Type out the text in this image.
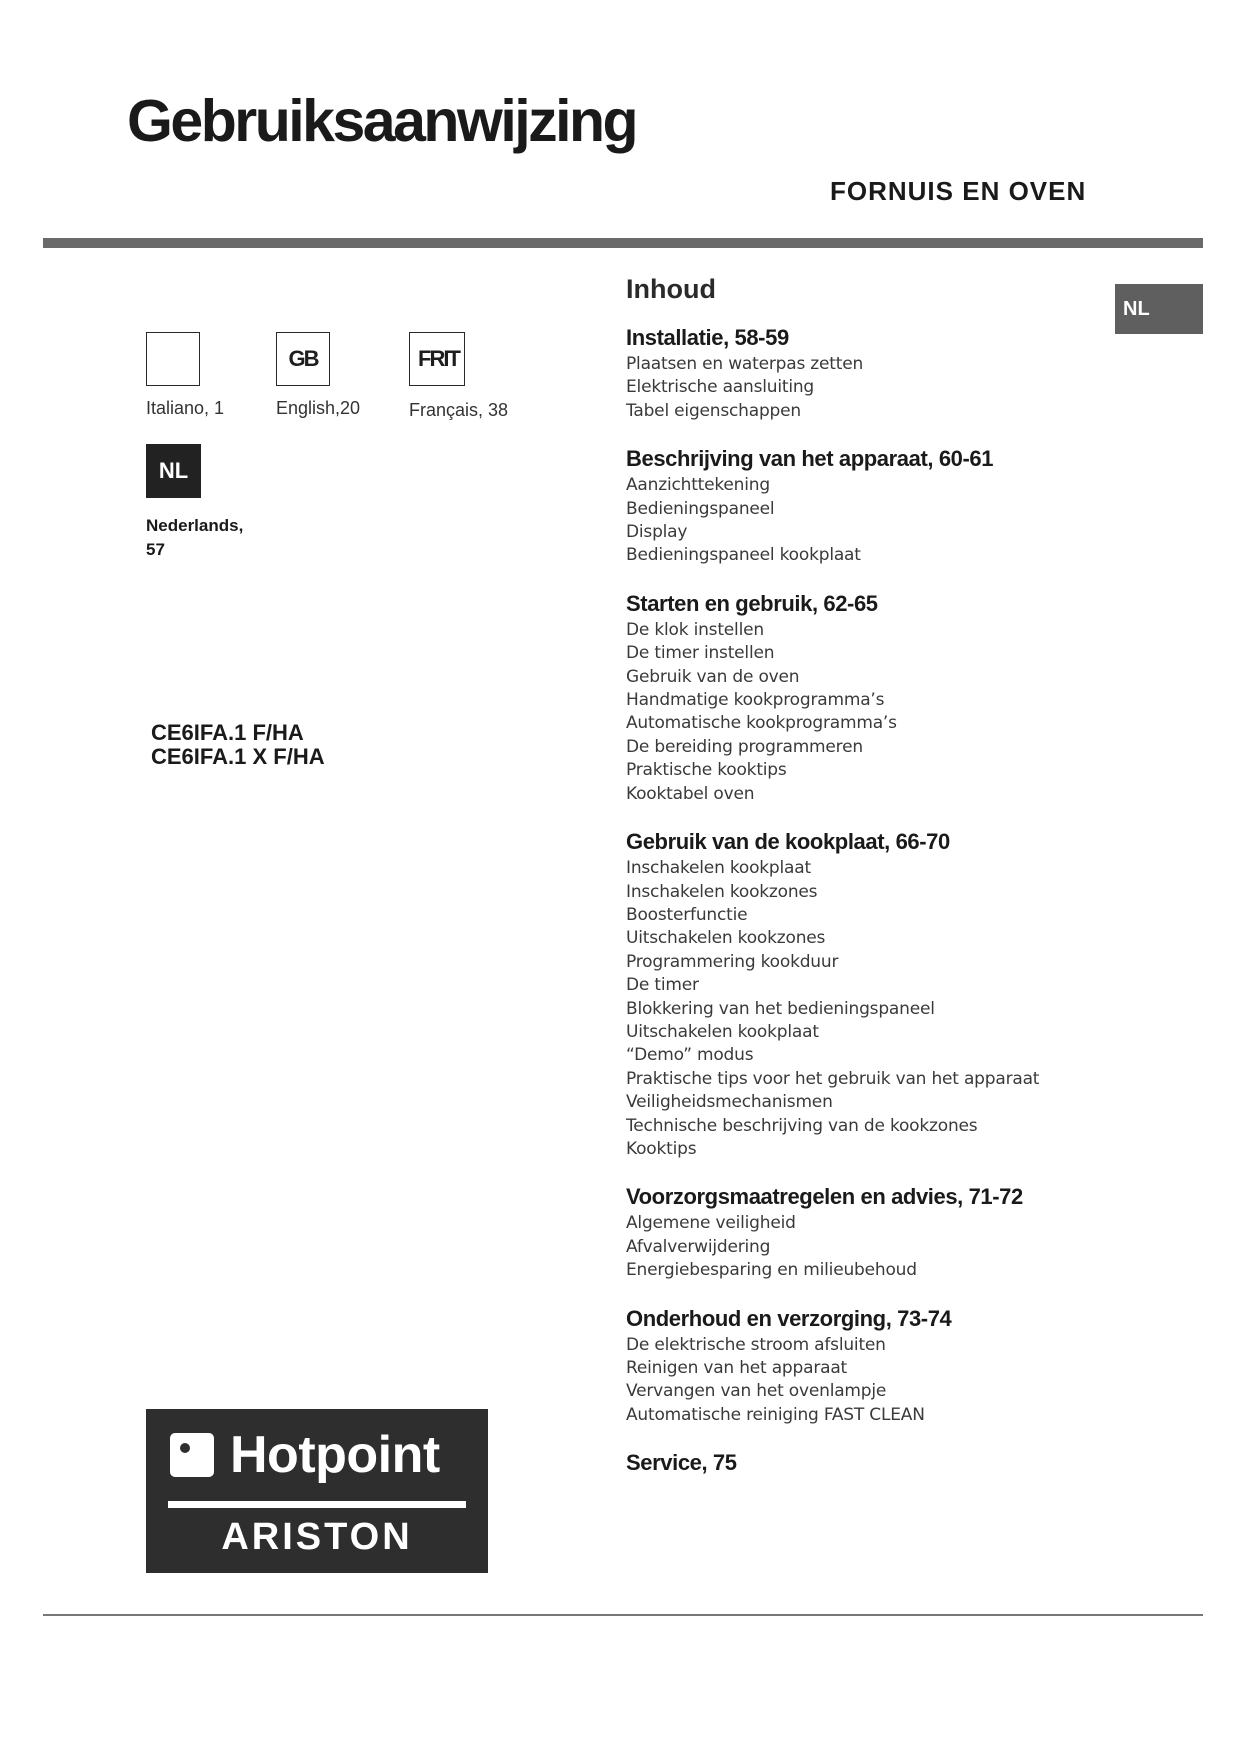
Gebruiksaanwijzing
FORNUIS EN OVEN
NL
Italiano, 1
GB
English,20
FRIT
Français, 38
NL
Nederlands,
57
CE6IFA.1 F/HA
CE6IFA.1 X F/HA
Hotpoint
ARISTON
Inhoud
Installatie, 58-59
Plaatsen en waterpas zetten
Elektrische aansluiting
Tabel eigenschappen
Beschrijving van het apparaat, 60-61
Aanzichttekening
Bedieningspaneel
Display
Bedieningspaneel kookplaat
Starten en gebruik, 62-65
De klok instellen
De timer instellen
Gebruik van de oven
Handmatige kookprogramma’s
Automatische kookprogramma’s
De bereiding programmeren
Praktische kooktips
Kooktabel oven
Gebruik van de kookplaat, 66-70
Inschakelen kookplaat
Inschakelen kookzones
Boosterfunctie
Uitschakelen kookzones
Programmering kookduur
De timer
Blokkering van het bedieningspaneel
Uitschakelen kookplaat
“Demo” modus
Praktische tips voor het gebruik van het apparaat
Veiligheidsmechanismen
Technische beschrijving van de kookzones
Kooktips
Voorzorgsmaatregelen en advies, 71-72
Algemene veiligheid
Afvalverwijdering
Energiebesparing en milieubehoud
Onderhoud en verzorging, 73-74
De elektrische stroom afsluiten
Reinigen van het apparaat
Vervangen van het ovenlampje
Automatische reiniging FAST CLEAN
Service, 75
